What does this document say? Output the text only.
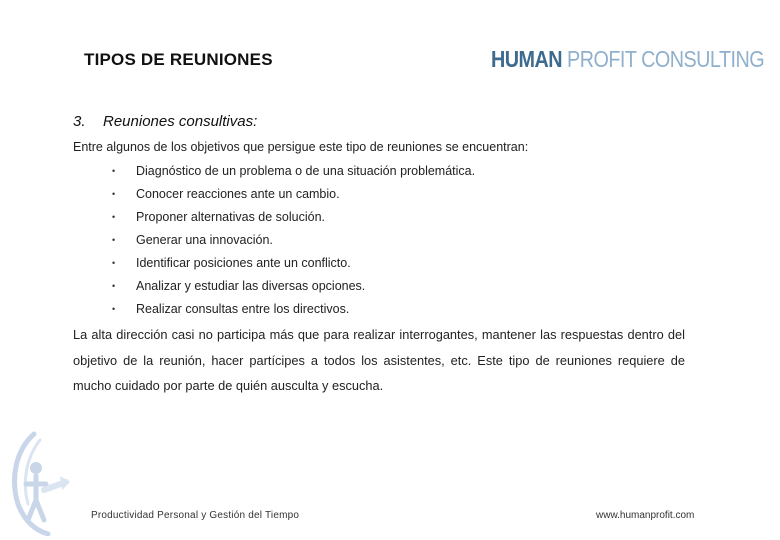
TIPOS DE REUNIONES	HUMAN PROFIT CONSULTING
3. Reuniones consultivas:
Entre algunos de los objetivos que persigue este tipo de reuniones se encuentran:
•	Diagnóstico de un problema o de una situación problemática.
•	Conocer reacciones ante un cambio.
•	Proponer alternativas de solución.
•	Generar una innovación.
•	Identificar posiciones ante un conflicto.
•	Analizar y estudiar las diversas opciones.
•	Realizar consultas entre los directivos.
La alta dirección casi no participa más que para realizar interrogantes, mantener las respuestas dentro del objetivo de la reunión, hacer partícipes a todos los asistentes, etc. Este tipo de reuniones requiere de mucho cuidado por parte de quién ausculta y escucha.
Productividad Personal y Gestión del Tiempo	www.humanprofit.com
